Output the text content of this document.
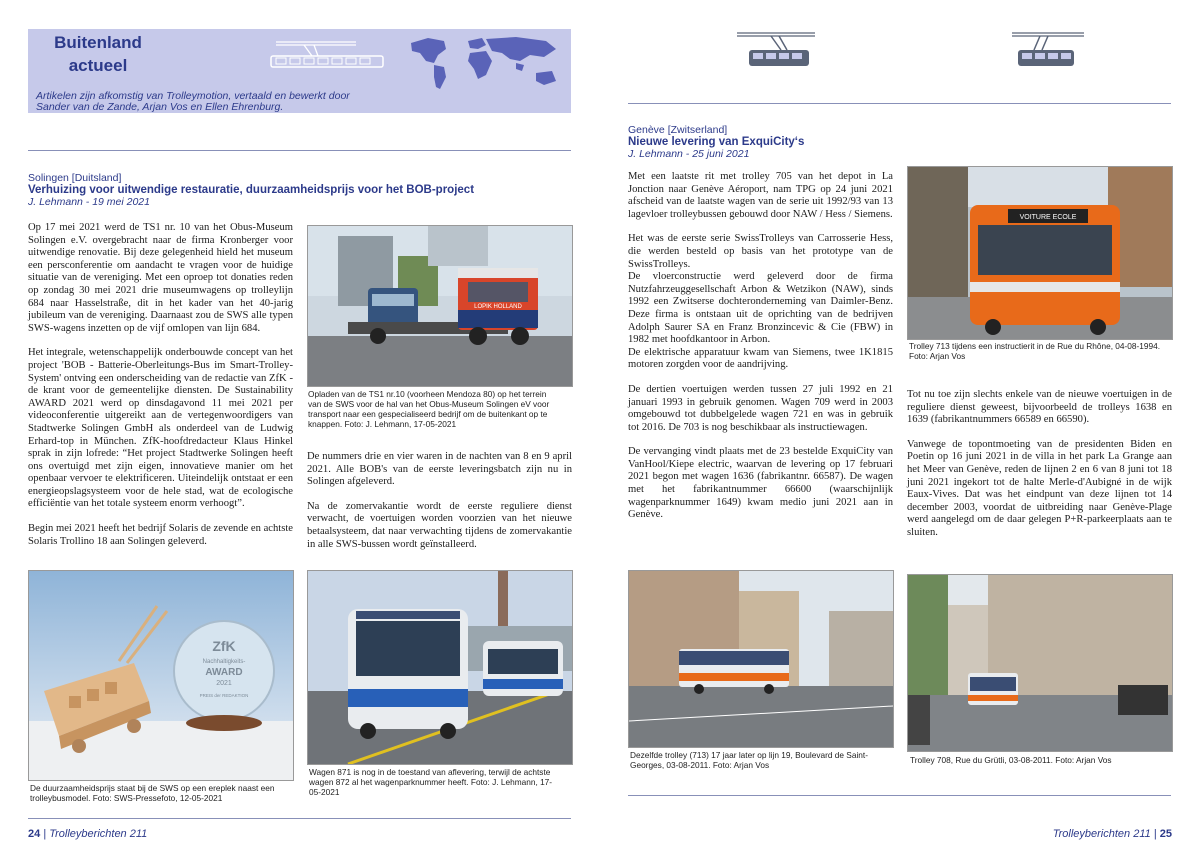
Buitenland
actueel
Artikelen zijn afkomstig van Trolleymotion, vertaald en bewerkt door
Sander van de Zande, Arjan Vos en Ellen Ehrenburg.
Solingen [Duitsland]
Verhuizing voor uitwendige restauratie, duurzaamheidsprijs voor het BOB-project
J. Lehmann - 19 mei 2021

Op 17 mei 2021 werd de TS1 nr. 10 van het Obus-Museum Solingen e.V. overgebracht naar de firma Kronberger voor uitwendige renovatie. Bij deze gelegenheid hield het museum een persconferentie om aandacht te vragen voor de huidige situatie van de vereniging. Met een oproep tot donaties reden op zondag 30 mei 2021 drie museumwagens op trolleylijn 684 naar Hasselstraße, dit in het kader van het 40-jarig jubileum van de vereniging. Daarnaast zou de SWS alle typen SWS-wagens inzetten op de vijf omlopen van lijn 684.

Het integrale, wetenschappelijk onderbouwde concept van het project 'BOB - Batterie-Oberleitungs-Bus im Smart-Trolley-System' ontving een onderscheiding van de redactie van ZfK - de krant voor de gemeentelijke diensten. De Sustainability AWARD 2021 werd op dinsdagavond 11 mei 2021 per videoconferentie uitgereikt aan de vertegenwoordigers van Stadtwerke Solingen GmbH als onderdeel van de Ludwig Erhard-top in München. ZfK-hoofdredacteur Klaus Hinkel sprak in zijn lofrede: “Het project Stadtwerke Solingen heeft ons overtuigd met zijn eigen, innovatieve manier om het openbaar vervoer te elektrificeren. Uiteindelijk ontstaat er een energieopslagsysteem voor de hele stad, wat de ecologische efficiëntie van het totale systeem enorm verhoogt”.

Begin mei 2021 heeft het bedrijf Solaris de zevende en achtste Solaris Trollino 18 aan Solingen geleverd.

LOPIK HOLLAND
Opladen van de TS1 nr.10 (voorheen Mendoza 80) op het terrein van de SWS voor de hal van het Obus-Museum Solingen eV voor transport naar een gespecialiseerd bedrijf om de buitenkant op te knappen. Foto: J. Lehmann, 17-05-2021

De nummers drie en vier waren in de nachten van 8 en 9 april 2021. Alle BOB's van de eerste leveringsbatch zijn nu in Solingen afgeleverd.

Na de zomervakantie wordt de eerste reguliere dienst verwacht, de voertuigen worden voorzien van het nieuwe betaalsysteem, dat naar verwachting tijdens de zomervakantie in alle SWS-bussen wordt geïnstalleerd.

ZfK
Nachhaltigkeits-
AWARD
2021
PREIS der REDAKTION
De duurzaamheidsprijs staat bij de SWS op een ereplek naast een trolleybusmodel. Foto: SWS-Pressefoto, 12-05-2021
Wagen 871 is nog in de toestand van aflevering, terwijl de achtste wagen 872 al het wagenparknummer heeft. Foto: J. Lehmann, 17-05-2021
24 | Trolleyberichten 211
Genève [Zwitserland]
Nieuwe levering van ExquiCity‘s
J. Lehmann - 25 juni 2021

Met een laatste rit met trolley 705 van het depot in La Jonction naar Genève Aéroport, nam TPG op 24 juni 2021 afscheid van de laatste wagen van de serie uit 1992/93 van 13 lagevloer trolleybussen gebouwd door NAW / Hess / Siemens.

Het was de eerste serie SwissTrolleys van Carrosserie Hess, die werden besteld op basis van het prototype van de SwissTrolleys.
De vloerconstructie werd geleverd door de firma Nutzfahrzeuggesellschaft Arbon & Wetzikon (NAW), sinds 1992 een Zwitserse dochteronderneming van Daimler-Benz. Deze firma is ontstaan uit de oprichting van de bedrijven Adolph Saurer SA en Franz Bronzincevic & Cie (FBW) in 1982 met hoofdkantoor in Arbon.
De elektrische apparatuur kwam van Siemens, twee 1K1815 motoren zorgden voor de aandrijving.

De dertien voertuigen werden tussen 27 juli 1992 en 21 januari 1993 in gebruik genomen. Wagen 709 werd in 2003 omgebouwd tot dubbelgelede wagen 721 en was in gebruik tot 2016. De 703 is nog beschikbaar als instructiewagen.

De vervanging vindt plaats met de 23 bestelde ExquiCity van VanHool/Kiepe electric, waarvan de levering op 17 februari 2021 begon met wagen 1636 (fabrikantnr. 66587). De wagen met het fabrikantnummer 66600 (waarschijnlijk wagenparknummer 1649) kwam medio juni 2021 aan in Genève.

VOITURE ECOLE
Trolley 713 tijdens een instructierit in de Rue du Rhône, 04-08-1994. Foto: Arjan Vos

Tot nu toe zijn slechts enkele van de nieuwe voertuigen in de reguliere dienst geweest, bijvoorbeeld de trolleys 1638 en 1639 (fabrikantnummers 66589 en 66590).

Vanwege de topontmoeting van de presidenten Biden en Poetin op 16 juni 2021 in de villa in het park La Grange aan het Meer van Genève, reden de lijnen 2 en 6 van 8 juni tot 18 juni 2021 ingekort tot de halte Merle-d'Aubigné in de wijk Eaux-Vives. Dat was het eindpunt van deze lijnen tot 14 december 2003, voordat de uitbreiding naar Genève-Plage werd aangelegd om de daar gelegen P+R-parkeerplaats aan te sluiten.

Dezelfde trolley (713) 17 jaar later op lijn 19, Boulevard de Saint-Georges, 03-08-2011. Foto: Arjan Vos	Trolley 708, Rue du Grütli, 03-08-2011. Foto: Arjan Vos
Trolleyberichten 211 | 25
